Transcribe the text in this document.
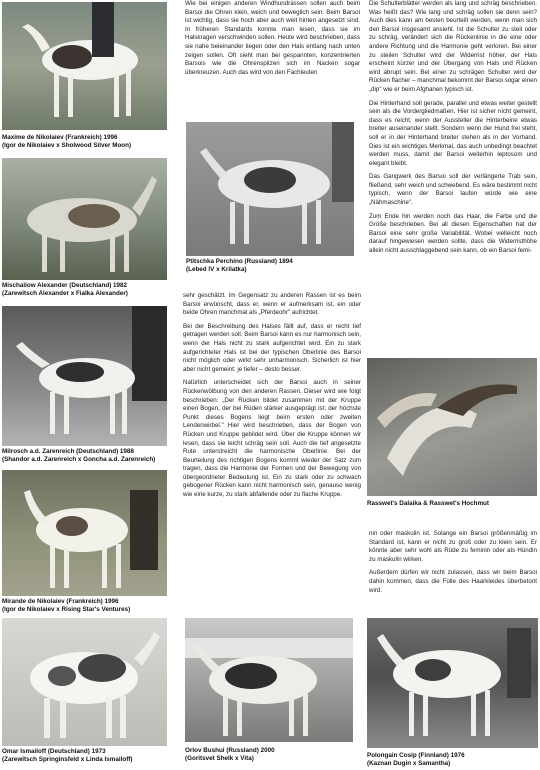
Maxime de Nikolaiev (Frankreich) 1996
(Igor de Nikolaiev x Sholwood Silver Moon)
Mischailow Alexander (Deutschland) 1982
(Zarewitsch Alexander x Fialka Alexander)
Milrosch a.d. Zarenreich (Deutschland) 1988
(Shandor a.d. Zarenreich x Goncha a.d. Zarenreich)
Mirande de Nikolaiev (Frankreich) 1996
(Igor de Nikolaiev x Rising Star's Ventures)
Omar Ismailoff (Deutschland) 1973
(Zarewitsch Springinsfeld x Linda Ismailoff)
Wie bei einigen anderen Windhundrassen sollen auch beim Barsoi die Ohren klein, weich und beweglich sein. Beim Barsoi ist wichtig, dass sie hoch aber auch weit hinten angesetzt sind. In früheren Standards konnte man lesen, dass sie im Halskragen verschwinden sollen. Heute wird beschrieben, dass sie nahe beieinander liegen oder den Hals entlang nach unten zeigen sollen. Oft sieht man bei gespannten, konzentrierten Barsois wie die Ohrenspitzen sich im Nacken sogar überkreuzen. Auch das wird von den Fachleuten
Ptitschka Perchino (Russland) 1894
(Lebed IV x Krilatka)

sehr geschätzt. Im Gegensatz zu anderen Rassen ist es beim Barsoi erwünscht, dass er, wenn er aufmerksam ist, ein oder beide Ohren manchmal als „Pferdeohr" aufrichtet.

Bei der Beschreibung des Halses fällt auf, dass er recht tief getragen werden soll. Beim Barsoi kann es nur harmonisch sein, wenn der Hals nicht zu stark aufgerichtet wird. Ein zu stark aufgerichteter Hals ist bei der typischen Oberlinie des Barsoi nicht möglich oder wirkt sehr unharmonisch. Sicherlich ist hier aber nicht gemeint: je tiefer – desto besser.

Natürlich unterscheidet sich der Barsoi auch in seiner Rückenwölbung von den anderen Rassen. Dieser wird wie folgt beschrieben: „Der Rücken bildet zusammen mit der Kruppe einen Bogen, der bei Rüden stärker ausgeprägt ist; der höchste Punkt dieses Bogens liegt beim ersten oder zweiten Lendenwirbel." Hier wird beschrieben, dass der Bogen von Rücken und Kruppe gebildet wird. Über die Kruppe können wir lesen, dass sie leicht schräg sein soll. Auch die tief angesetzte Rute unterstreicht die harmonische Oberlinie. Bei der Beurteilung des richtigen Bogens kommt wieder der Satz zum tragen, dass die Harmonie der Formen und der Bewegung von übergeordneter Bedeutung ist. Ein zu stark oder zu schwach gebogener Rücken kann nicht harmonisch sein, genauso wenig wie eine kurze, zu stark abfallende oder zu flache Kruppe.

Orlov Bushui (Russland) 2000
(Goritsvet Shelk x Vita)

Die Schulterblätter werden als lang und schräg beschrieben. Was heißt das? Wie lang und schräg sollen sie denn sein? Auch dies kann am besten beurteilt werden, wenn man sich den Barsoi insgesamt ansieht. Ist die Schulter zu steil oder zu schräg, verändert sich die Rückenlinie in die eine oder andere Richtung und die Harmonie geht verloren. Bei einer zu steilen Schulter wird der Widerrist höher, der Hals erscheint kürzer und der Übergang von Hals und Rücken wird abrupt sein. Bei einer zu schrägen Schulter wird der Rücken flacher – manchmal bekommt der Barsoi sogar einen „dip" wie er beim Afghanen typisch ist.

Die Hinterhand soll gerade, parallel und etwas weiter gestellt sein als die Vordergliedmaßen. Hier ist sicher nicht gemeint, dass es reicht, wenn der Aussteller die Hinterbeine etwas breiter auseinander stellt. Sondern wenn der Hund frei steht, soll er in der Hinterhand breiter stehen als in der Vorhand. Dies ist ein wichtiges Merkmal, das auch unbedingt beachtet werden muss, damit der Barsoi weiterhin leptosom und elegant bleibt.

Das Gangwerk des Barsoi soll der verlängerte Trab sein, fließend, sehr weich und schwebend. Es wäre bestimmt nicht typisch, wenn der Barsoi laufen würde wie eine „Nähmaschine".

Zum Ende hin werden noch das Haar, die Farbe und die Größe beschrieben. Bei all diesen Eigenschaften hat der Barsoi eine sehr große Variabilität. Wobei vielleicht noch darauf hingewiesen werden sollte, dass die Widerristhöhe allein nicht ausschlaggebend sein kann, ob ein Barsoi femi-

Rasswet's Dalaika & Rasswet's Hochmut

nin oder maskulin ist. Solange ein Barsoi größenmäßig im Standard ist, kann er nicht zu groß oder zu klein sein. Er könnte aber sehr wohl als Rüde zu feminin oder als Hündin zu maskulin wirken.

Außerdem dürfen wir nicht zulassen, dass wir beim Barsoi dahin kommen, dass die Fülle des Haarkleides überbetont wird.

Polongain Cosip (Finnland) 1976
(Kaznan Dugin x Samantha)
